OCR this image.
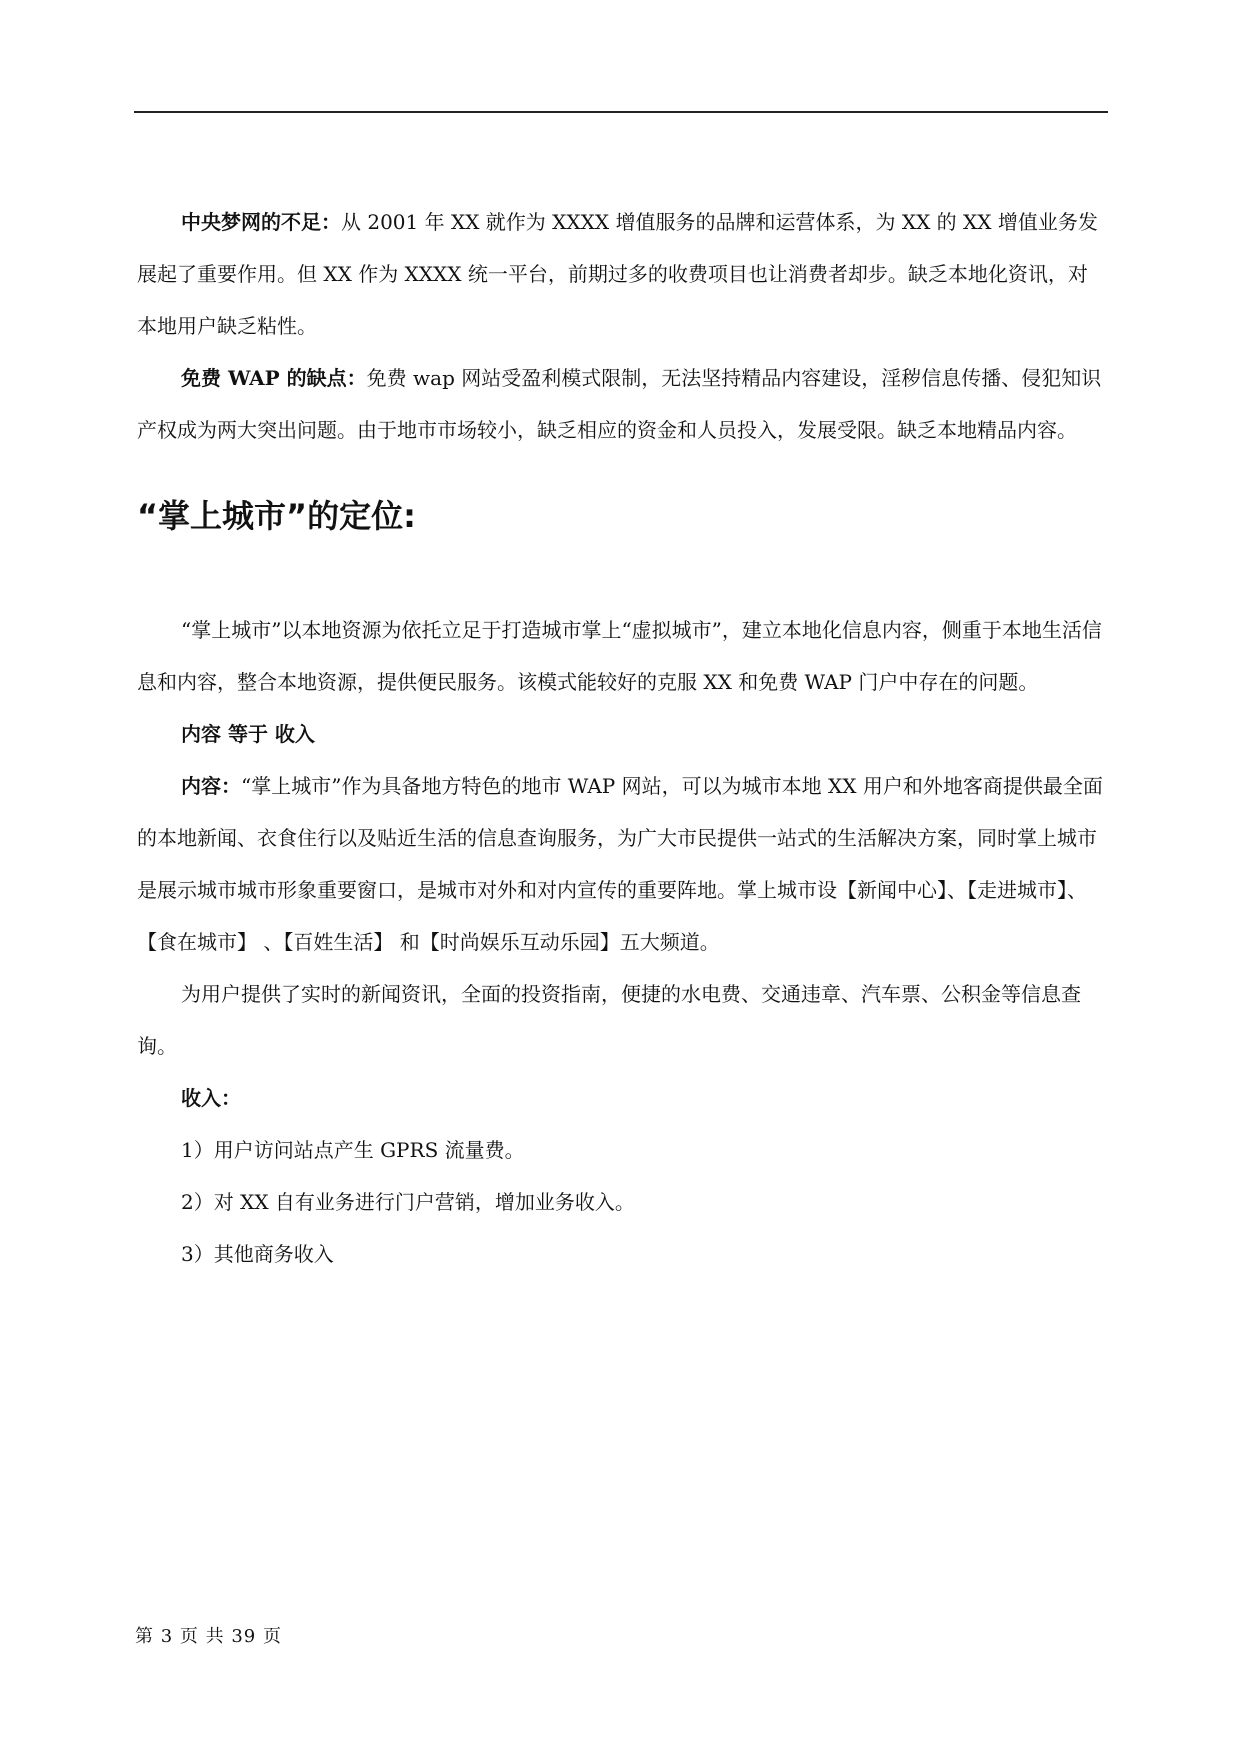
中央梦网的不足：从 2001 年 XX 就作为 XXXX 增值服务的品牌和运营体系，为 XX 的 XX 增值业务发展起了重要作用。但 XX 作为 XXXX 统一平台，前期过多的收费项目也让消费者却步。缺乏本地化资讯，对本地用户缺乏粘性。

免费 WAP 的缺点：免费 wap 网站受盈利模式限制，无法坚持精品内容建设，淫秽信息传播、侵犯知识产权成为两大突出问题。由于地市市场较小，缺乏相应的资金和人员投入，发展受限。缺乏本地精品内容。

“掌上城市”的定位:

“掌上城市”以本地资源为依托立足于打造城市掌上“虚拟城市”，建立本地化信息内容，侧重于本地生活信息和内容，整合本地资源，提供便民服务。该模式能较好的克服 XX 和免费 WAP 门户中存在的问题。

内容 等于 收入

内容：“掌上城市”作为具备地方特色的地市 WAP 网站，可以为城市本地 XX 用户和外地客商提供最全面的本地新闻、衣食住行以及贴近生活的信息查询服务，为广大市民提供一站式的生活解决方案，同时掌上城市是展示城市城市形象重要窗口，是城市对外和对内宣传的重要阵地。掌上城市设【新闻中心】、【走进城市】、【食在城市】 、【百姓生活】 和【时尚娱乐互动乐园】五大频道。

为用户提供了实时的新闻资讯，全面的投资指南，便捷的水电费、交通违章、汽车票、公积金等信息查询。

收入：

1）用户访问站点产生 GPRS 流量费。

2）对 XX 自有业务进行门户营销，增加业务收入。

3）其他商务收入

第 3 页 共 39 页
